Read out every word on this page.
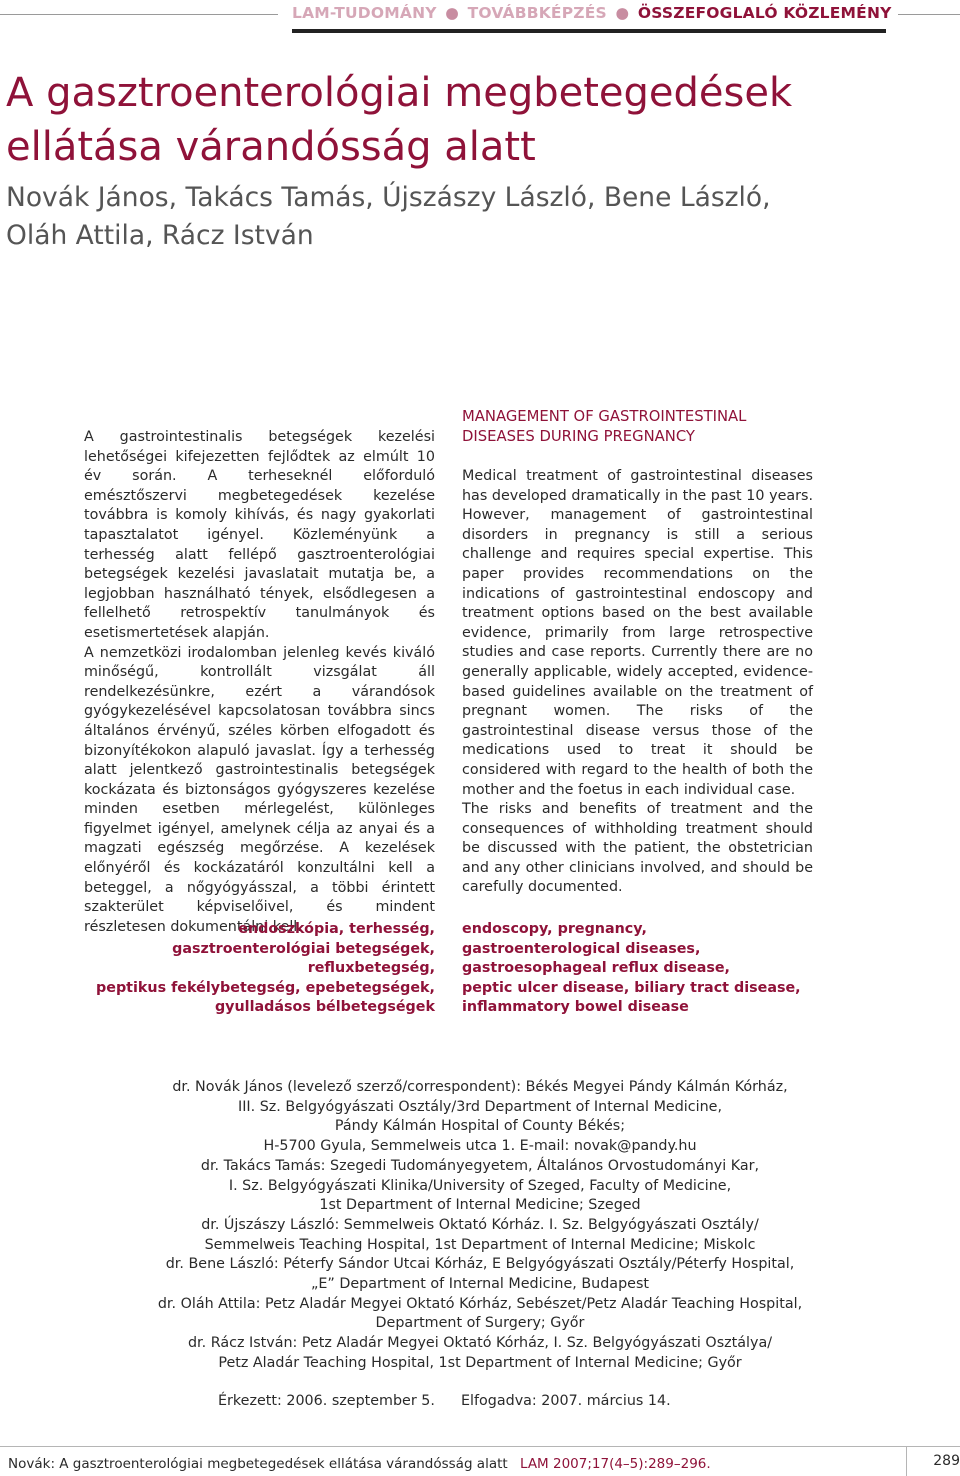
LAM-TUDOMÁNY ● TOVÁBBKÉPZÉS ● ÖSSZEFOGLALÓ KÖZLEMÉNY
A gasztroenterológiai megbetegedések
ellátása várandósság alatt
Novák János, Takács Tamás, Újszászy László, Bene László,
Oláh Attila, Rácz István

A gastrointestinalis betegségek kezelési lehetőségei kifejezetten fejlődtek az elmúlt 10 év során. A terheseknél előforduló emésztőszervi megbetegedések kezelése továbbra is komoly kihívás, és nagy gyakorlati tapasztalatot igényel. Közleményünk a terhesség alatt fellépő gasztroenterológiai betegségek kezelési javaslatait mutatja be, a legjobban használható tények, elsődlegesen a fellelhető retrospektív tanulmányok és esetismertetések alapján.

A nemzetközi irodalomban jelenleg kevés kiváló minőségű, kontrollált vizsgálat áll rendelkezésünkre, ezért a várandósok gyógykezelésével kapcsolatosan továbbra sincs általános érvényű, széles körben elfogadott és bizonyítékokon alapuló javaslat. Így a terhesség alatt jelentkező gastrointestinalis betegségek kockázata és biztonságos gyógyszeres kezelése minden esetben mérlegelést, különleges figyelmet igényel, amelynek célja az anyai és a magzati egészség megőrzése. A kezelések előnyéről és kockázatáról konzultálni kell a beteggel, a nőgyógyásszal, a többi érintett szakterület képviselőivel, és mindent részletesen dokumentálni kell.

MANAGEMENT OF GASTROINTESTINAL
DISEASES DURING PREGNANCY

Medical treatment of gastrointestinal diseases has developed dramatically in the past 10 years. However, management of gastrointestinal disorders in pregnancy is still a serious challenge and requires special expertise. This paper provides recommendations on the indications of gastrointestinal endoscopy and treatment options based on the best available evidence, primarily from large retrospective studies and case reports. Currently there are no generally applicable, widely accepted, evidence-based guidelines available on the treatment of pregnant women. The risks of the gastrointestinal disease versus those of the medications used to treat it should be considered with regard to the health of both the mother and the foetus in each individual case.

The risks and benefits of treatment and the consequences of withholding treatment should be discussed with the patient, the obstetrician and any other clinicians involved, and should be carefully documented.

endoszkópia, terhesség,
gasztroenterológiai betegségek,
refluxbetegség,
peptikus fekélybetegség, epebetegségek,
gyulladásos bélbetegségek
endoscopy, pregnancy,
gastroenterological diseases,
gastroesophageal reflux disease,
peptic ulcer disease, biliary tract disease,
inflammatory bowel disease
dr. Novák János (levelező szerző/correspondent): Békés Megyei Pándy Kálmán Kórház,
III. Sz. Belgyógyászati Osztály/3rd Department of Internal Medicine,
Pándy Kálmán Hospital of County Békés;
H-5700 Gyula, Semmelweis utca 1. E-mail: novak@pandy.hu
dr. Takács Tamás: Szegedi Tudományegyetem, Általános Orvostudományi Kar,
I. Sz. Belgyógyászati Klinika/University of Szeged, Faculty of Medicine,
1st Department of Internal Medicine; Szeged
dr. Újszászy László: Semmelweis Oktató Kórház. I. Sz. Belgyógyászati Osztály/
Semmelweis Teaching Hospital, 1st Department of Internal Medicine; Miskolc
dr. Bene László: Péterfy Sándor Utcai Kórház, E Belgyógyászati Osztály/Péterfy Hospital,
„E” Department of Internal Medicine, Budapest
dr. Oláh Attila: Petz Aladár Megyei Oktató Kórház, Sebészet/Petz Aladár Teaching Hospital,
Department of Surgery; Győr
dr. Rácz István: Petz Aladár Megyei Oktató Kórház, I. Sz. Belgyógyászati Osztálya/
Petz Aladár Teaching Hospital, 1st Department of Internal Medicine; Győr
Érkezett: 2006. szeptember 5. Elfogadva: 2007. március 14.
Novák: A gasztroenterológiai megbetegedések ellátása várandósság alatt LAM 2007;17(4–5):289–296.	289
